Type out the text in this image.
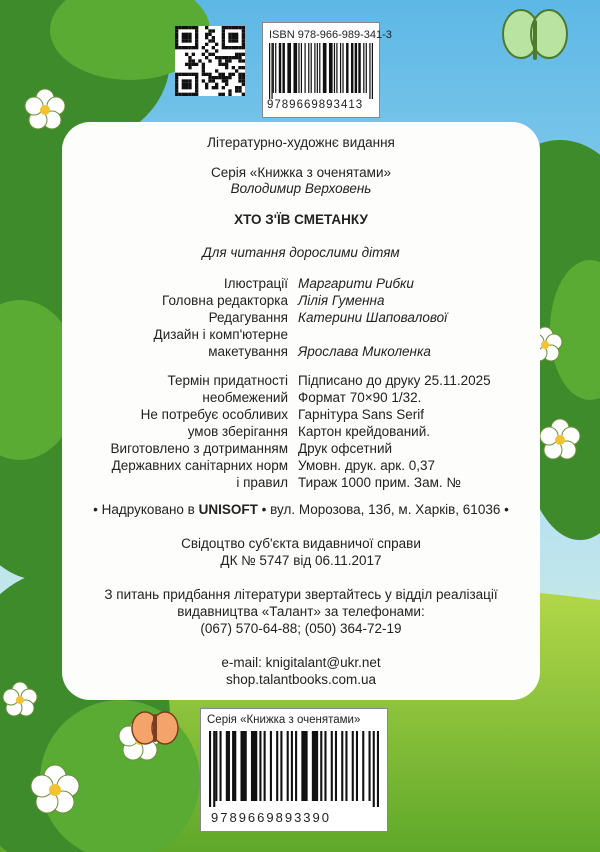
ISBN 978-966-989-341-3
9789669893413
Літературно-художнє видання
Серія «Книжка з оченятами»
Володимир Верховень
ХТО З'ЇВ СМЕТАНКУ
Для читання дорослими дітям
Ілюстрації Маргарити Рибки
Головна редакторка Лілія Гуменна
Редагування Катерини Шаповалової
Дизайн і комп'ютерне
макетування Ярослава Миколенка
Термін придатності
необмежений
Не потребує особливих
умов зберігання
Виготовлено з дотриманням
Державних санітарних норм
і правил
Підписано до друку 25.11.2025
Формат 70×90 1/32.
Гарнітура Sans Serif
Картон крейдований.
Друк офсетний
Умовн. друк. арк. 0,37
Тираж 1000 прим. Зам. №
• Надруковано в UNISOFT • вул. Морозова, 13б, м. Харків, 61036 •
Свідоцтво суб'єкта видавничої справи
ДК № 5747 від 06.11.2017
З питань придбання літератури звертайтесь у відділ реалізації
видавництва «Талант» за телефонами:
(067) 570-64-88; (050) 364-72-19
e-mail: knigitalant@ukr.net
shop.talantbooks.com.ua
Серія «Книжка з оченятами»
9789669893390
